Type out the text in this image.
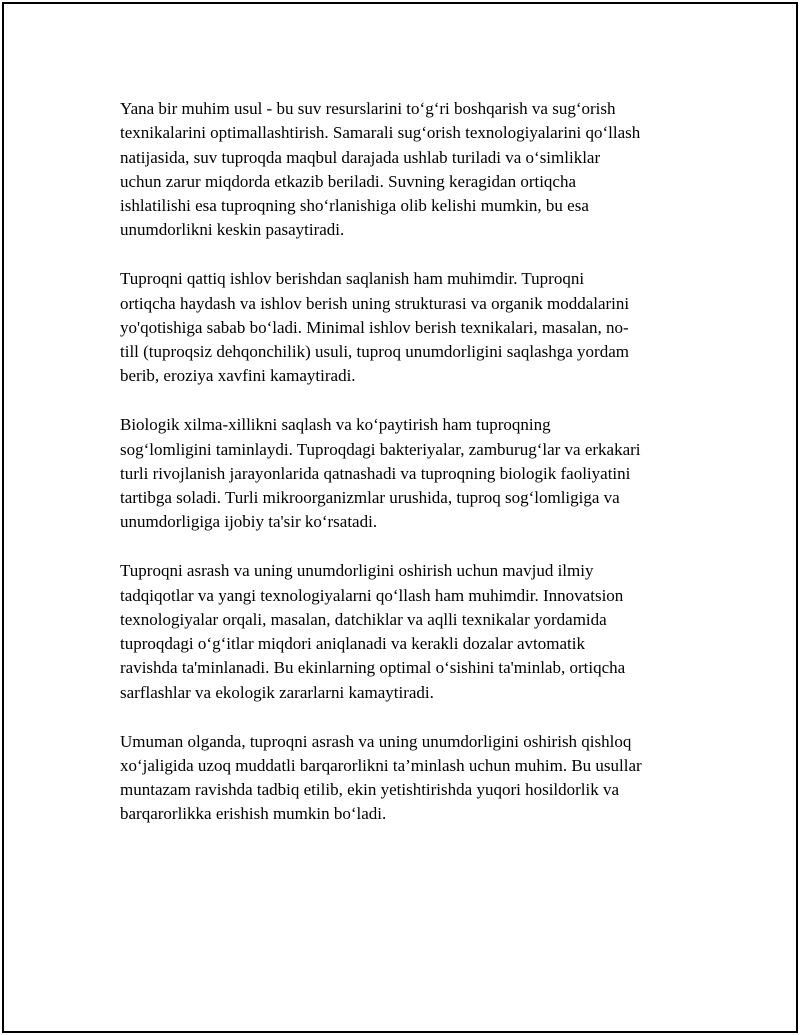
Yana bir muhim usul - bu suv resurslarini to‘g‘ri boshqarish va sug‘orish
texnikalarini optimallashtirish. Samarali sug‘orish texnologiyalarini qo‘llash
natijasida, suv tuproqda maqbul darajada ushlab turiladi va o‘simliklar
uchun zarur miqdorda etkazib beriladi. Suvning keragidan ortiqcha
ishlatilishi esa tuproqning sho‘rlanishiga olib kelishi mumkin, bu esa
unumdorlikni keskin pasaytiradi.

Tuproqni qattiq ishlov berishdan saqlanish ham muhimdir. Tuproqni
ortiqcha haydash va ishlov berish uning strukturasi va organik moddalarini
yo'qotishiga sabab bo‘ladi. Minimal ishlov berish texnikalari, masalan, no-
till (tuproqsiz dehqonchilik) usuli, tuproq unumdorligini saqlashga yordam
berib, eroziya xavfini kamaytiradi.

Biologik xilma-xillikni saqlash va ko‘paytirish ham tuproqning
sog‘lomligini taminlaydi. Tuproqdagi bakteriyalar, zamburug‘lar va erkakari
turli rivojlanish jarayonlarida qatnashadi va tuproqning biologik faoliyatini
tartibga soladi. Turli mikroorganizmlar urushida, tuproq sog‘lomligiga va
unumdorligiga ijobiy ta'sir ko‘rsatadi.

Tuproqni asrash va uning unumdorligini oshirish uchun mavjud ilmiy
tadqiqotlar va yangi texnologiyalarni qo‘llash ham muhimdir. Innovatsion
texnologiyalar orqali, masalan, datchiklar va aqlli texnikalar yordamida
tuproqdagi o‘g‘itlar miqdori aniqlanadi va kerakli dozalar avtomatik
ravishda ta'minlanadi. Bu ekinlarning optimal o‘sishini ta'minlab, ortiqcha
sarflashlar va ekologik zararlarni kamaytiradi.

Umuman olganda, tuproqni asrash va uning unumdorligini oshirish qishloq
xo‘jaligida uzoq muddatli barqarorlikni ta’minlash uchun muhim. Bu usullar
muntazam ravishda tadbiq etilib, ekin yetishtirishda yuqori hosildorlik va
barqarorlikka erishish mumkin bo‘ladi.
